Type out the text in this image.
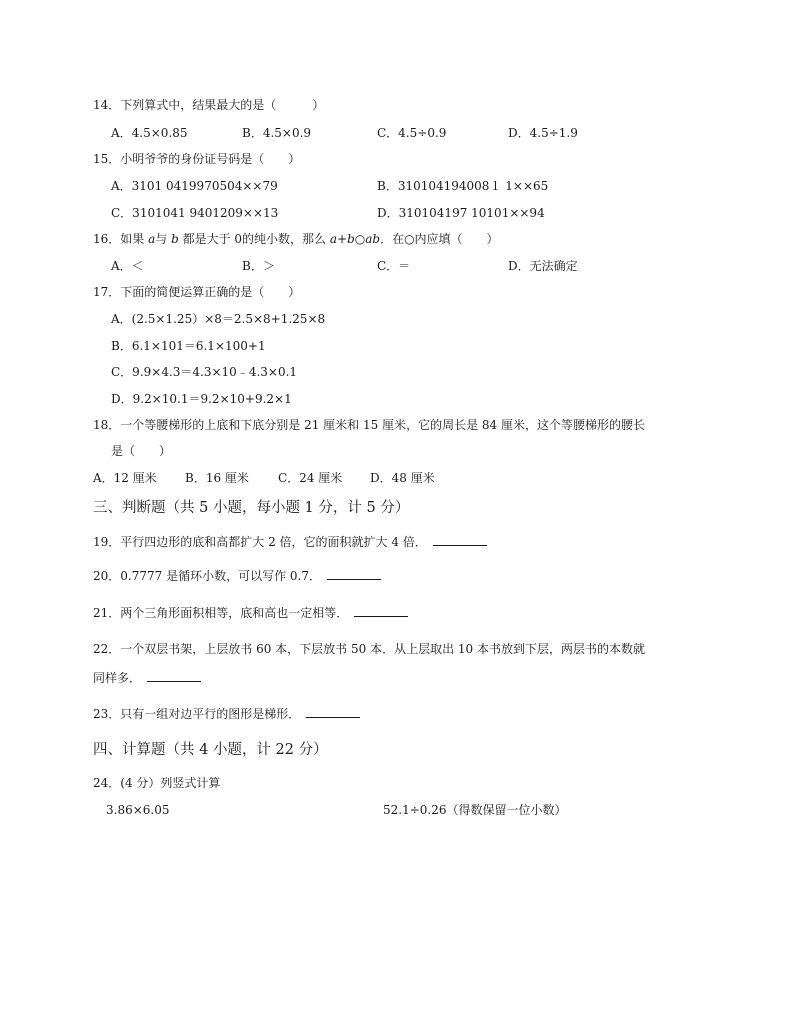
14．下列算式中，结果最大的是（　　　）
A．4.5×0.85	B．4.5×0.9	C．4.5÷0.9	D．4.5÷1.9
15．小明爷爷的身份证号码是（　　）
A．3101 0419970504××79	B．310104194008１ 1××65
C．3101041 9401209××13	D．310104197 10101××94
16．如果 a与 b 都是大于 0的纯小数，那么 a+b○ab．在○内应填（　　）
A．＜	B．＞	C．＝	D．无法确定
17．下面的简便运算正确的是（　　）
A．(2.5×1.25）×8＝2.5×8+1.25×8
B．6.1×101＝6.1×100+1
C．9.9×4.3＝4.3×10﹣4.3×0.1
D．9.2×10.1＝9.2×10+9.2×1
18．一个等腰梯形的上底和下底分别是 21 厘米和 15 厘米，它的周长是 84 厘米，这个等腰梯形的腰长
是（　　）
A．12 厘米 B．16 厘米 C．24 厘米 D．48 厘米
三、判断题（共 5 小题，每小题 1 分，计 5 分）
19．平行四边形的底和高都扩大 2 倍，它的面积就扩大 4 倍．
20．0.7777 是循环小数，可以写作 0.7．
21．两个三角形面积相等，底和高也一定相等．
22．一个双层书架，上层放书 60 本，下层放书 50 本．从上层取出 10 本书放到下层，两层书的本数就
同样多．
23．只有一组对边平行的图形是梯形．
四、计算题（共 4 小题，计 22 分）
24．(4 分）列竖式计算
3.86×6.05	52.1÷0.26（得数保留一位小数）
